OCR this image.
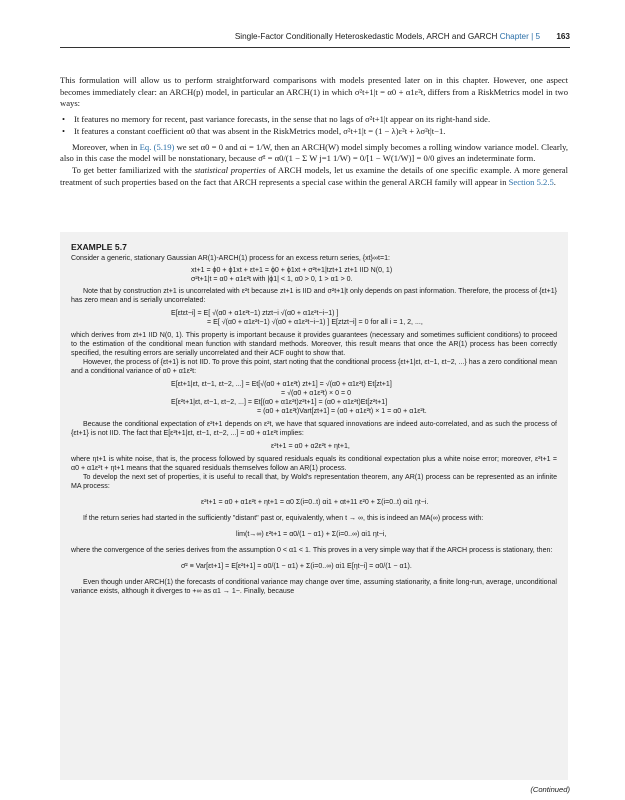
Single-Factor Conditionally Heteroskedastic Models, ARCH and GARCH Chapter | 5 163

This formulation will allow us to perform straightforward comparisons with models presented later on in this chapter. However, one aspect becomes immediately clear: an ARCH(p) model, in particular an ARCH(1) in which σ²t+1|t = α0 + α1ε²t, differs from a RiskMetrics model in two ways:

• It features no memory for recent, past variance forecasts, in the sense that no lags of σ²t+1|t appear on its right-hand side.

• It features a constant coefficient α0 that was absent in the RiskMetrics model, σ²t+1|t = (1 − λ)ε²t + λσ²t|t−1.

Moreover, when in Eq. (5.19) we set α0 = 0 and αi = 1/W, then an ARCH(W) model simply becomes a rolling window variance model. Clearly, also in this case the model will be nonstationary, because σ̄² = α0/(1 − Σ W j=1 1/W) = 0/[1 − W(1/W)] = 0/0 gives an indeterminate form.

To get better familiarized with the statistical properties of ARCH models, let us examine the details of one specific example. A more general treatment of such properties based on the fact that ARCH represents a special case within the general ARCH family will appear in Section 5.2.5.

EXAMPLE 5.7

Consider a generic, stationary Gaussian AR(1)-ARCH(1) process for an excess return series, {xt}∞t=1:

xt+1 = ϕ0 + ϕ1xt + εt+1 = ϕ0 + ϕ1xt + σ²t+1|tzt+1 zt+1 IID N(0, 1)

σ²t+1|t = α0 + α1ε²t with |ϕ1| < 1, α0 > 0, 1 > α1 > 0.

Note that by construction zt+1 is uncorrelated with ε²t because zt+1 is IID and σ²t+1|t only depends on past information. Therefore, the process of {εt+1} has zero mean and is serially uncorrelated:

E[εtεt−i] = E[ √(α0 + α1ε²t−1) ztzt−i √(α0 + α1ε²t−i−1) ]

= E[ √(α0 + α1ε²t−1) √(α0 + α1ε²t−i−1) ] E[ztzt−i] = 0 for all i = 1, 2, ...,

which derives from zt+1 IID N(0, 1). This property is important because it provides guarantees (necessary and sometimes sufficient conditions) to proceed to the estimation of the conditional mean function with standard methods. Moreover, this result means that once the AR(1) process has been correctly specified, the resulting errors are serially uncorrelated and their ACF ought to show that.

However, the process of {εt+1} is not IID. To prove this point, start noting that the conditional process {εt+1|εt, εt−1, εt−2, ...} has a zero conditional mean and a conditional variance of α0 + α1ε²t:

E[εt+1|εt, εt−1, εt−2, ...] = Et[√(α0 + α1ε²t) zt+1] = √(α0 + α1ε²t) Et[zt+1]

= √(α0 + α1ε²t) × 0 = 0

E[ε²t+1|εt, εt−1, εt−2, ...] = Et[(α0 + α1ε²t)z²t+1] = (α0 + α1ε²t)Et[z²t+1]

= (α0 + α1ε²t)Vart[zt+1] = (α0 + α1ε²t) × 1 = α0 + α1ε²t.

Because the conditional expectation of ε²t+1 depends on ε²t, we have that squared innovations are indeed auto-correlated, and as such the process of {εt+1} is not IID. The fact that E[ε²t+1|εt, εt−1, εt−2, ...] = α0 + α1ε²t implies:

ε²t+1 = α0 + α2ε²t + ηt+1,

where ηt+1 is white noise, that is, the process followed by squared residuals equals its conditional expectation plus a white noise error; moreover, ε²t+1 = α0 + α1ε²t + ηt+1 means that the squared residuals themselves follow an AR(1) process.

To develop the next set of properties, it is useful to recall that, by Wold's representation theorem, any AR(1) process can be represented as an infinite MA process:

ε²t+1 = α0 + α1ε²t + ηt+1 = α0 Σ(i=0..t) αi1 + αt+11 ε²0 + Σ(i=0..t) αi1 ηt−i.

If the return series had started in the sufficiently "distant" past or, equivalently, when t → ∞, this is indeed an MA(∞) process with:

lim(t→∞) ε²t+1 = α0/(1 − α1) + Σ(i=0..∞) αi1 ηt−i,

where the convergence of the series derives from the assumption 0 < α1 < 1. This proves in a very simple way that if the ARCH process is stationary, then:

σ̄² ≡ Var[εt+1] = E[ε²t+1] = α0/(1 − α1) + Σ(i=0..∞) αi1 E[ηt−i] = α0/(1 − α1).

Even though under ARCH(1) the forecasts of conditional variance may change over time, assuming stationarity, a finite long-run, average, unconditional variance exists, although it diverges to +∞ as α1 → 1−. Finally, because

(Continued)
